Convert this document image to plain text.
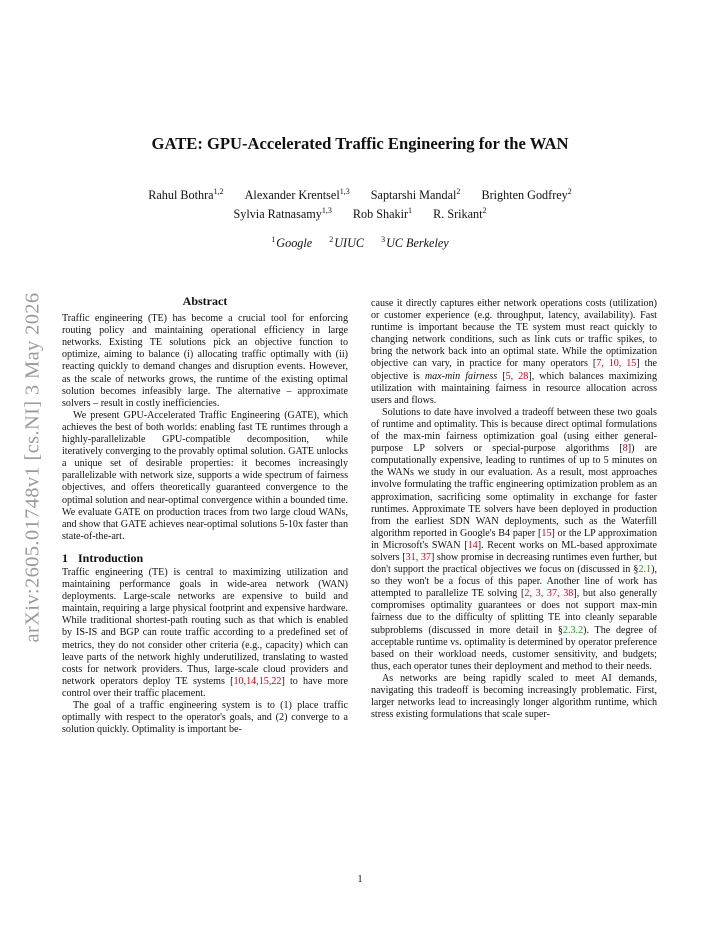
arXiv:2605.01748v1 [cs.NI] 3 May 2026
GATE: GPU-Accelerated Traffic Engineering for the WAN
Rahul Bothra$^{1,2}$ Alexander Krentsel$^{1,3}$ Saptarshi Mandal$^2$ Brighten Godfrey$^2$
Sylvia Ratnasamy$^{1,3}$ Rob Shakir$^1$ R. Srikant$^2$
$^1$Google $^2$UIUC $^3$UC Berkeley
Abstract

Traffic engineering (TE) has become a crucial tool for enforcing routing policy and maintaining operational efficiency in large networks. Existing TE solutions pick an objective function to optimize, aiming to balance (i) allocating traffic optimally with (ii) reacting quickly to demand changes and disruption events. However, as the scale of networks grows, the runtime of the existing optimal solution becomes infeasibly large. The alternative – approximate solvers – result in costly inefficiencies.

We present GPU-Accelerated Traffic Engineering (GATE), which achieves the best of both worlds: enabling fast TE runtimes through a highly-parallelizable GPU-compatible decomposition, while iteratively converging to the provably optimal solution. GATE unlocks a unique set of desirable properties: it becomes increasingly parallelizable with network size, supports a wide spectrum of fairness objectives, and offers theoretically guaranteed convergence to the optimal solution and near-optimal convergence within a bounded time. We evaluate GATE on production traces from two large cloud WANs, and show that GATE achieves near-optimal solutions 5-10x faster than state-of-the-art.

1 Introduction

Traffic engineering (TE) is central to maximizing utilization and maintaining performance goals in wide-area network (WAN) deployments. Large-scale networks are expensive to build and maintain, requiring a large physical footprint and expensive hardware. While traditional shortest-path routing such as that which is enabled by IS-IS and BGP can route traffic according to a predefined set of metrics, they do not consider other criteria (e.g., capacity) which can leave parts of the network highly underutilized, translating to wasted costs for network providers. Thus, large-scale cloud providers and network operators deploy TE systems [10,14,15,22] to have more control over their traffic placement.

The goal of a traffic engineering system is to (1) place traffic optimally with respect to the operator's goals, and (2) converge to a solution quickly. Optimality is important be-

cause it directly captures either network operations costs (utilization) or customer experience (e.g. throughput, latency, availability). Fast runtime is important because the TE system must react quickly to changing network conditions, such as link cuts or traffic spikes, to bring the network back into an optimal state. While the optimization objective can vary, in practice for many operators [7, 10, 15] the objective is max-min fairness [5, 28], which balances maximizing utilization with maintaining fairness in resource allocation across users and flows.

Solutions to date have involved a tradeoff between these two goals of runtime and optimality. This is because direct optimal formulations of the max-min fairness optimization goal (using either general-purpose LP solvers or special-purpose algorithms [8]) are computationally expensive, leading to runtimes of up to 5 minutes on the WANs we study in our evaluation. As a result, most approaches involve formulating the traffic engineering optimization problem as an approximation, sacrificing some optimality in exchange for faster runtimes. Approximate TE solvers have been deployed in production from the earliest SDN WAN deployments, such as the Waterfill algorithm reported in Google's B4 paper [15] or the LP approximation in Microsoft's SWAN [14]. Recent works on ML-based approximate solvers [31, 37] show promise in decreasing runtimes even further, but don't support the practical objectives we focus on (discussed in §2.1), so they won't be a focus of this paper. Another line of work has attempted to parallelize TE solving [2, 3, 37, 38], but also generally compromises optimality guarantees or does not support max-min fairness due to the difficulty of splitting TE into cleanly separable subproblems (discussed in more detail in §2.3.2). The degree of acceptable runtime vs. optimality is determined by operator preference based on their workload needs, customer sensitivity, and budgets; thus, each operator tunes their deployment and method to their needs.

As networks are being rapidly scaled to meet AI demands, navigating this tradeoff is becoming increasingly problematic. First, larger networks lead to increasingly longer algorithm runtime, which stress existing formulations that scale super-

1
